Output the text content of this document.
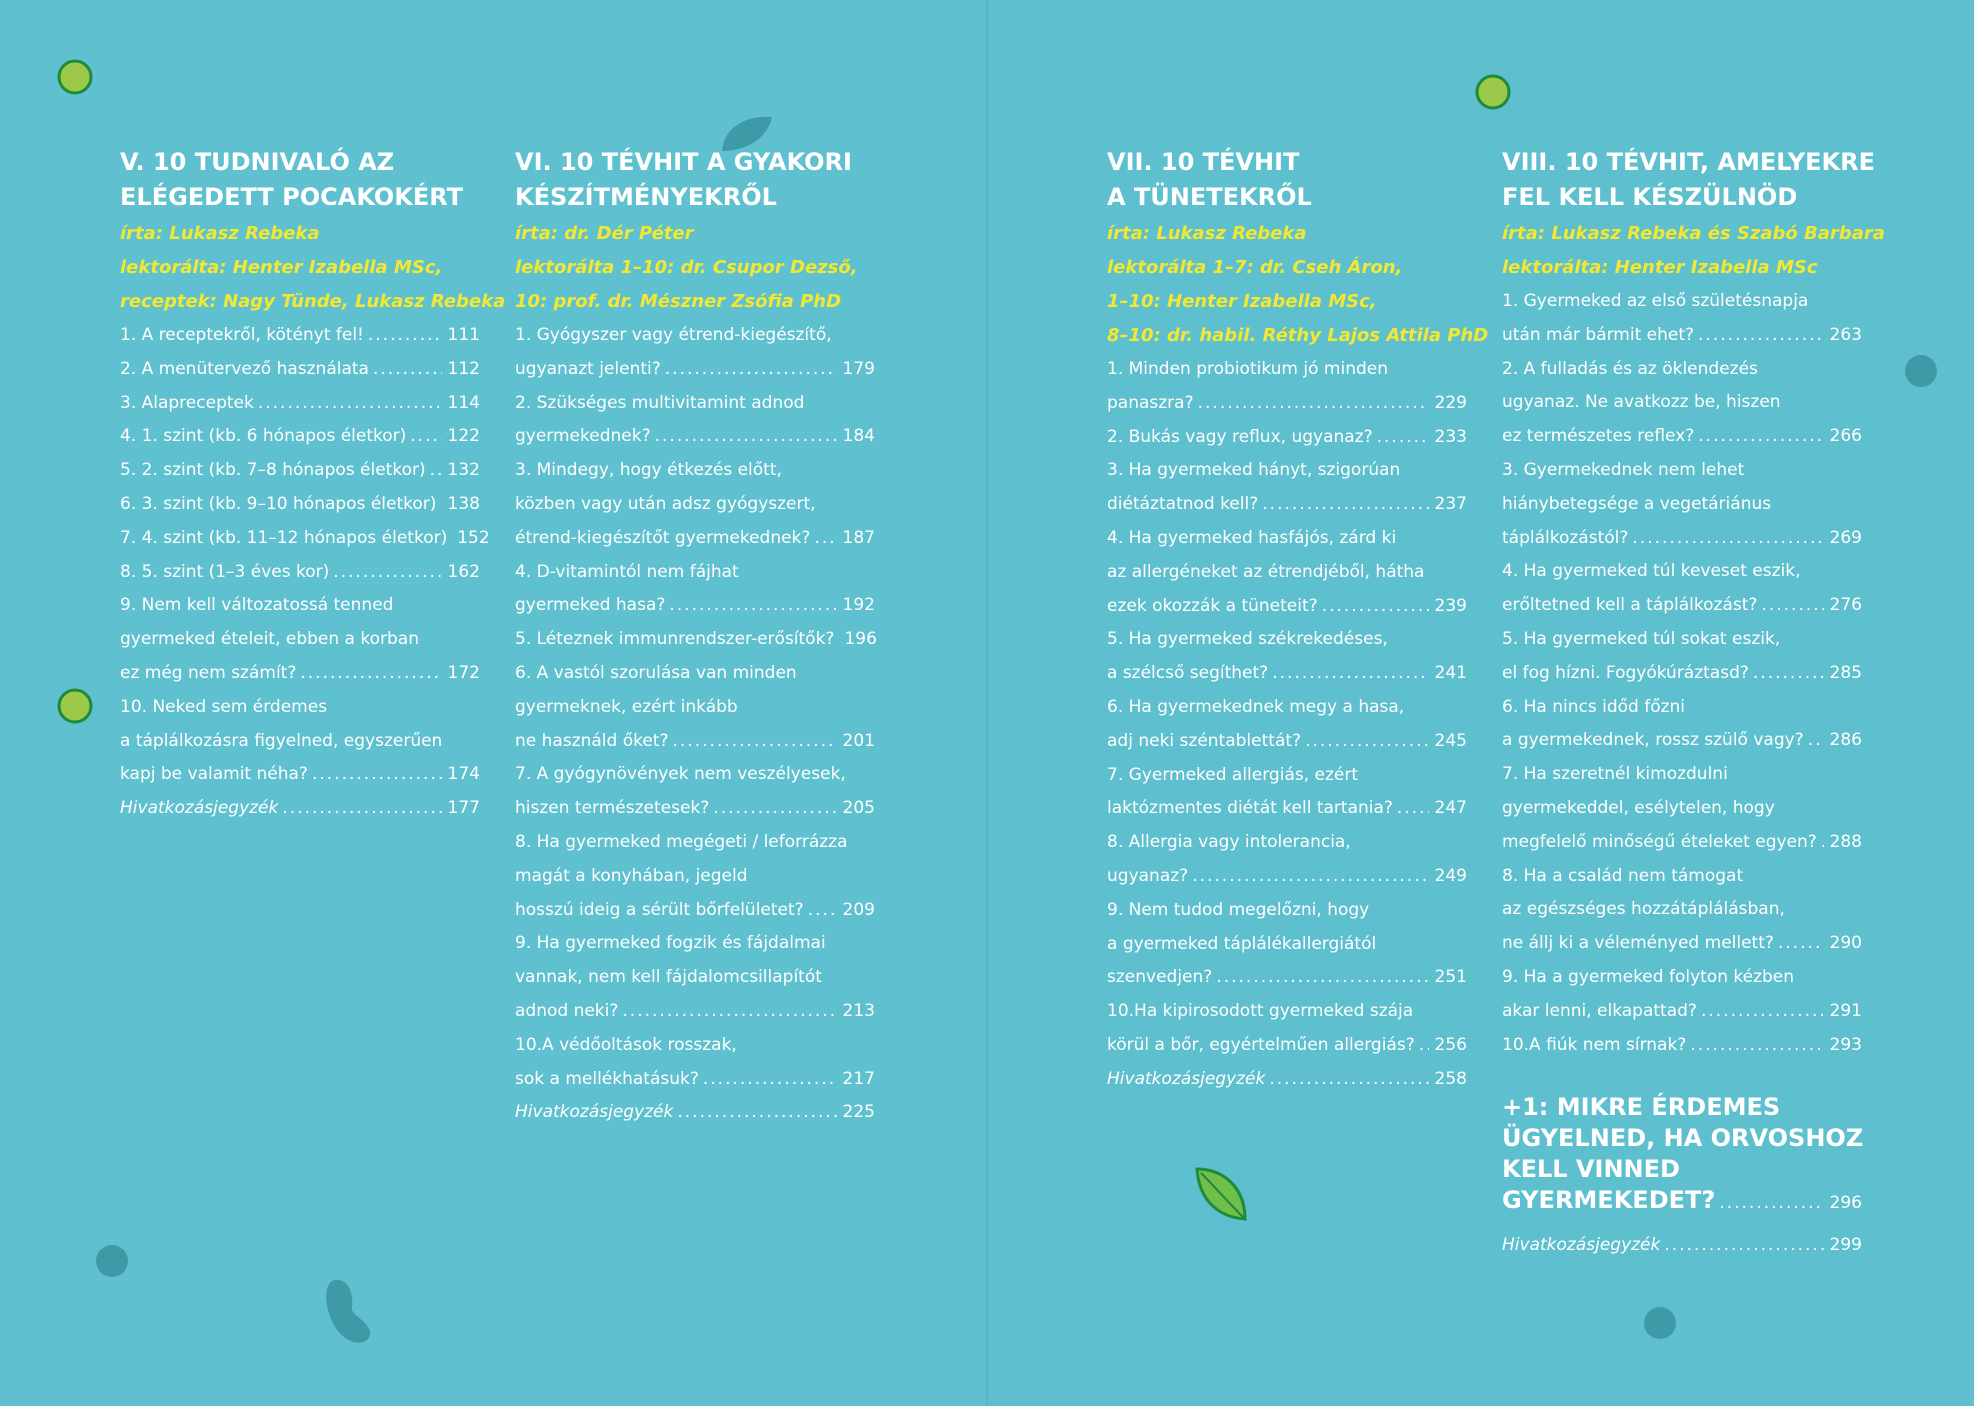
V. 10 TUDNIVALÓ AZ
ELÉGEDETT POCAKOKÉRT
írta: Lukasz Rebeka
lektorálta: Henter Izabella MSc,
receptek: Nagy Tünde, Lukasz Rebeka
1. A receptekről, kötényt fel! .....	111
2. A menütervező használata .....	112
3. Alapreceptek .....	114
4. 1. szint (kb. 6 hónapos életkor) ..... 122
5. 2. szint (kb. 7–8 hónapos életkor) ..... 132
6. 3. szint (kb. 9–10 hónapos életkor) ..... 138
7. 4. szint (kb. 11–12 hónapos életkor) 152
8. 5. szint (1–3 éves kor) .....	162
9. Nem kell változatossá tenned
gyermeked ételeit, ebben a korban
ez még nem számít? .....	172
10. Neked sem érdemes
a táplálkozásra figyelned, egyszerűen
kapj be valamit néha? .....	174
Hivatkozásjegyzék .....	177
VI. 10 TÉVHIT A GYAKORI
KÉSZÍTMÉNYEKRŐL
írta: dr. Dér Péter
lektorálta 1–10: dr. Csupor Dezső,
10: prof. dr. Mészner Zsófia PhD
1. Gyógyszer vagy étrend-kiegészítő,
ugyanazt jelenti? .....	179
2. Szükséges multivitamint adnod
gyermekednek? .....	184
3. Mindegy, hogy étkezés előtt,
közben vagy után adsz gyógyszert,
étrend-kiegészítőt gyermekednek? ..... 187
4. D-vitamintól nem fájhat
gyermeked hasa? .....	192
5. Léteznek immunrendszer-erősítők? 196
6. A vastól szorulása van minden
gyermeknek, ezért inkább
ne használd őket? .....	201
7. A gyógynövények nem veszélyesek,
hiszen természetesek? .....	205
8. Ha gyermeked megégeti / leforrázza
magát a konyhában, jegeld
hosszú ideig a sérült bőrfelületet? ..... 209
9. Ha gyermeked fogzik és fájdalmai
vannak, nem kell fájdalomcsillapítót
adnod neki? .....	213
10.A védőoltások rosszak,
sok a mellékhatásuk? .....	217
Hivatkozásjegyzék .....	225
VII. 10 TÉVHIT
A TÜNETEKRŐL
írta: Lukasz Rebeka
lektorálta 1–7: dr. Cseh Áron,
1–10: Henter Izabella MSc,
8–10: dr. habil. Réthy Lajos Attila PhD
1. Minden probiotikum jó minden
panaszra? .....	229
2. Bukás vagy reflux, ugyanaz? .....	233
3. Ha gyermeked hányt, szigorúan
diétáztatnod kell? .....	237
4. Ha gyermeked hasfájós, zárd ki
az allergéneket az étrendjéből, hátha
ezek okozzák a tüneteit? .....	239
5. Ha gyermeked székrekedéses,
a szélcső segíthet? .....	241
6. Ha gyermekednek megy a hasa,
adj neki széntablettát? .....	245
7. Gyermeked allergiás, ezért
laktózmentes diétát kell tartania? ..... 247
8. Allergia vagy intolerancia,
ugyanaz? .....	249
9. Nem tudod megelőzni, hogy
a gyermeked táplálékallergiától
szenvedjen? .....	251
10.Ha kipirosodott gyermeked szája
körül a bőr, egyértelműen allergiás? ..... 256
Hivatkozásjegyzék .....	258
VIII. 10 TÉVHIT, AMELYEKRE
FEL KELL KÉSZÜLNÖD
írta: Lukasz Rebeka és Szabó Barbara
lektorálta: Henter Izabella MSc
1. Gyermeked az első születésnapja
után már bármit ehet? .....	263
2. A fulladás és az öklendezés
ugyanaz. Ne avatkozz be, hiszen
ez természetes reflex? .....	266
3. Gyermekednek nem lehet
hiánybetegsége a vegetáriánus
táplálkozástól? .....	269
4. Ha gyermeked túl keveset eszik,
erőltetned kell a táplálkozást? .....	276
5. Ha gyermeked túl sokat eszik,
el fog hízni. Fogyókúráztasd? .....	285
6. Ha nincs időd főzni
a gyermekednek, rossz szülő vagy? ..... 286
7. Ha szeretnél kimozdulni
gyermekeddel, esélytelen, hogy
megfelelő minőségű ételeket egyen? ..... 288
8. Ha a család nem támogat
az egészséges hozzátáplálásban,
ne állj ki a véleményed mellett? .....	290
9. Ha a gyermeked folyton kézben
akar lenni, elkapattad? .....	291
10.A fiúk nem sírnak? .....	293
+1: MIKRE ÉRDEMES
ÜGYELNED, HA ORVOSHOZ
KELL VINNED
GYERMEKEDET? .....	296
Hivatkozásjegyzék .....	299
